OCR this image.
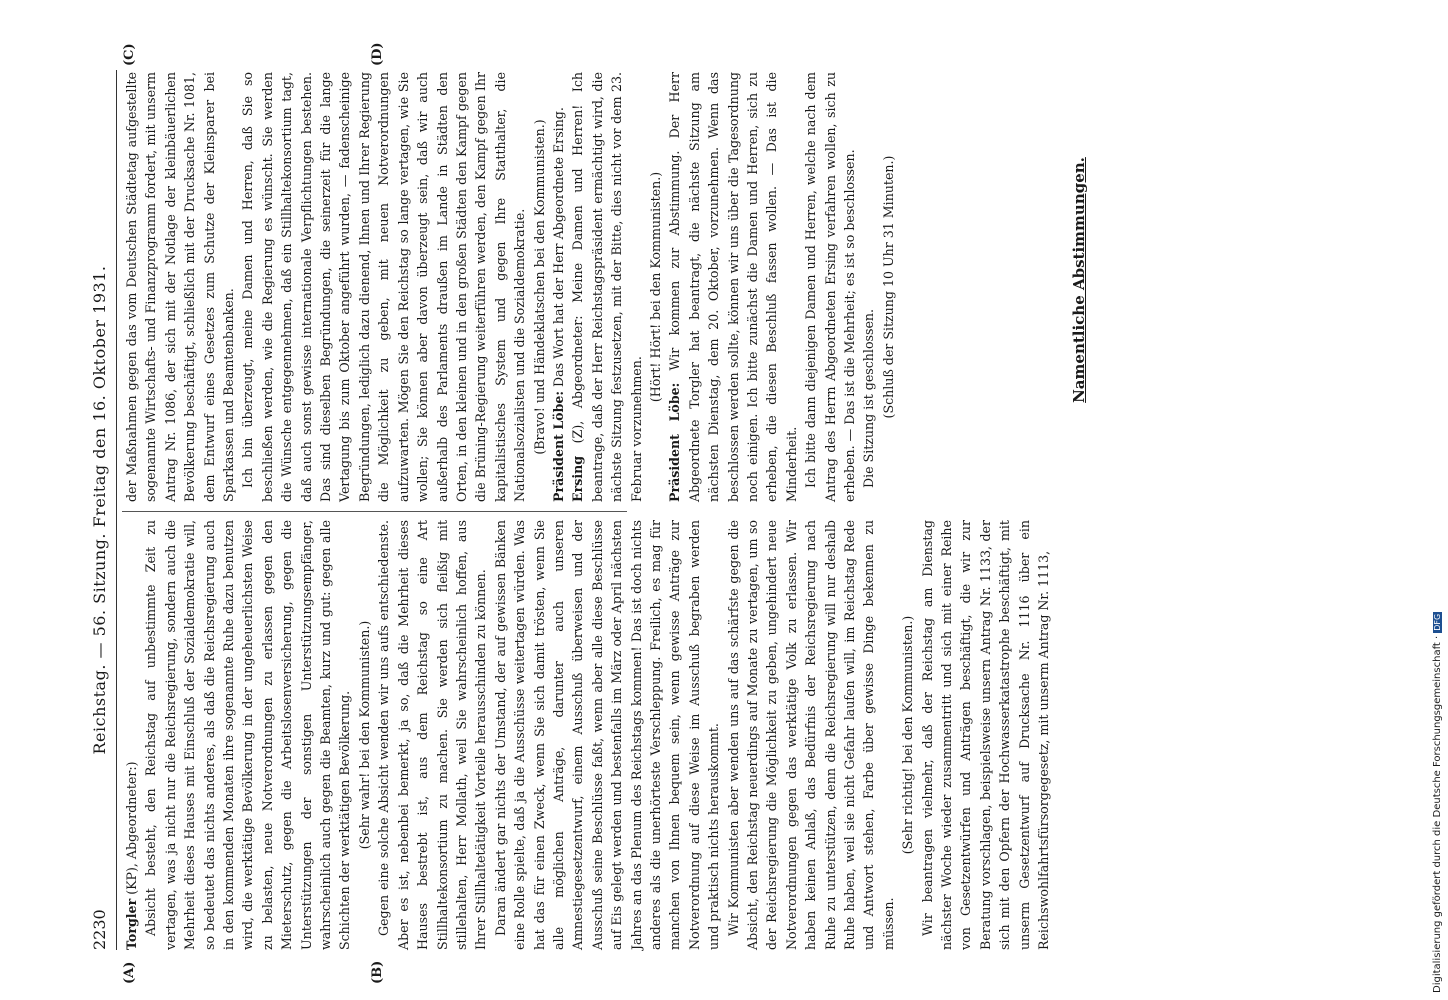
2230
Reichstag. — 56. Sitzung. Freitag den 16. Oktober 1931.
(A)	(B)
(C)	(D)

Torgler (KP), Abgeordneter:) Absicht besteht, den Reichstag auf unbestimmte Zeit zu vertagen, was ja nicht nur die Reichsregierung, sondern auch die Mehrheit dieses Hauses mit Einschluß der Sozialdemokratie will, so bedeutet das nichts anderes, als daß die Reichsregierung auch in den kommenden Monaten ihre sogenannte Ruhe dazu benutzen wird, die werktätige Bevölkerung in der ungeheuerlichsten Weise zu belasten, neue Notverordnungen zu erlassen gegen den Mieterschutz, gegen die Arbeitslosenversicherung, gegen die Unterstützungen der sonstigen Unterstützungsempfänger, wahrscheinlich auch gegen die Beamten, kurz und gut: gegen alle Schichten der werktätigen Bevölkerung. (Sehr wahr! bei den Kommunisten.) Gegen eine solche Absicht wenden wir uns aufs entschiedenste. Aber es ist, nebenbei bemerkt, ja so, daß die Mehrheit dieses Hauses bestrebt ist, aus dem Reichstag so eine Art Stillhaltekonsortium zu machen. Sie werden sich fleißig mit stillehalten, Herr Mollath, weil Sie wahrscheinlich hoffen, aus Ihrer Stillhaltetätigkeit Vorteile herausschinden zu können. Daran ändert gar nichts der Umstand, der auf gewissen Bänken eine Rolle spielte, daß ja die Ausschüsse weitertagen würden. Was hat das für einen Zweck, wenn Sie sich damit trösten, wenn Sie alle möglichen Anträge, darunter auch unseren Amnestiegesetzentwurf, einem Ausschuß überweisen und der Ausschuß seine Beschlüsse faßt, wenn aber alle diese Beschlüsse auf Eis gelegt werden und bestenfalls im März oder April nächsten Jahres an das Plenum des Reichstags kommen! Das ist doch nichts anderes als die unerhörteste Verschleppung. Freilich, es mag für manchen von Ihnen bequem sein, wenn gewisse Anträge zur Notverordnung auf diese Weise im Ausschuß begraben werden und praktisch nichts herauskommt. Wir Kommunisten aber wenden uns auf das schärfste gegen die Absicht, den Reichstag neuerdings auf Monate zu vertagen, um so der Reichsregierung die Möglichkeit zu geben, ungehindert neue Notverordnungen gegen das werktätige Volk zu erlassen. Wir haben keinen Anlaß, das Bedürfnis der Reichsregierung nach Ruhe zu unterstützen, denn die Reichsregierung will nur deshalb Ruhe haben, weil sie nicht Gefahr laufen will, im Reichstag Rede und Antwort stehen, Farbe über gewisse Dinge bekennen zu müssen.

(Sehr richtig! bei den Kommunisten.) Wir beantragen vielmehr, daß der Reichstag am Dienstag nächster Woche wieder zusammentritt und sich mit einer Reihe von Gesetzentwürfen und Anträgen beschäftigt, die wir zur Beratung vorschlagen, beispielsweise unsern Antrag Nr. 1133, der sich mit den Opfern der Hochwasserkatastrophe beschäftigt, mit unserm Gesetzentwurf auf Drucksache Nr. 1116 über ein Reichswohlfahrtsfürsorgegesetz, mit unserm Antrag Nr. 1113,

der Maßnahmen gegen das vom Deutschen Städtetag aufgestellte sogenannte Wirtschafts- und Finanzprogramm fordert, mit unserm Antrag Nr. 1086, der sich mit der Notlage der kleinbäuerlichen Bevölkerung beschäftigt, schließlich mit der Drucksache Nr. 1081, dem Entwurf eines Gesetzes zum Schutze der Kleinsparer bei Sparkassen und Beamtenbanken. Ich bin überzeugt, meine Damen und Herren, daß Sie so beschließen werden, wie die Regierung es wünscht. Sie werden die Wünsche entgegennehmen, daß ein Stillhaltekonsortium tagt, daß auch sonst gewisse internationale Verpflichtungen bestehen. Das sind dieselben Begründungen, die seinerzeit für die lange Vertagung bis zum Oktober angeführt wurden, — fadenscheinige Begründungen, lediglich dazu dienend, Ihnen und Ihrer Regierung die Möglichkeit zu geben, mit neuen Notverordnungen aufzuwarten. Mögen Sie den Reichstag so lange vertagen, wie Sie wollen; Sie können aber davon überzeugt sein, daß wir auch außerhalb des Parlaments draußen im Lande in Städten den Orten, in den kleinen und in den großen Städten den Kampf gegen die Brüning-Regierung weiterführen werden, den Kampf gegen Ihr kapitalistisches System und gegen Ihre Statthalter, die Nationalsozialisten und die Sozialdemokratie. (Bravo! und Händeklatschen bei den Kommunisten.) Präsident Löbe: Das Wort hat der Herr Abgeordnete Ersing.

Ersing (Z), Abgeordneter: Meine Damen und Herren! Ich beantrage, daß der Herr Reichstagspräsident ermächtigt wird, die nächste Sitzung festzusetzen, mit der Bitte, dies nicht vor dem 23. Februar vorzunehmen.

(Hört! Hört! bei den Kommunisten.)

Präsident Löbe: Wir kommen zur Abstimmung. Der Herr Abgeordnete Torgler hat beantragt, die nächste Sitzung am nächsten Dienstag, dem 20. Oktober, vorzunehmen. Wenn das beschlossen werden sollte, können wir uns über die Tagesordnung noch einigen. Ich bitte zunächst die Damen und Herren, sich zu erheben, die diesen Beschluß fassen wollen. — Das ist die Minderheit. Ich bitte dann diejenigen Damen und Herren, welche nach dem Antrag des Herrn Abgeordneten Ersing verfahren wollen, sich zu erheben. — Das ist die Mehrheit; es ist so beschlossen. Die Sitzung ist geschlossen. (Schluß der Sitzung 10 Uhr 31 Minuten.)	Namentliche Abstimmungen.
Digitalisierung gefördert durch die Deutsche Forschungsgemeinschaft ·DFG
